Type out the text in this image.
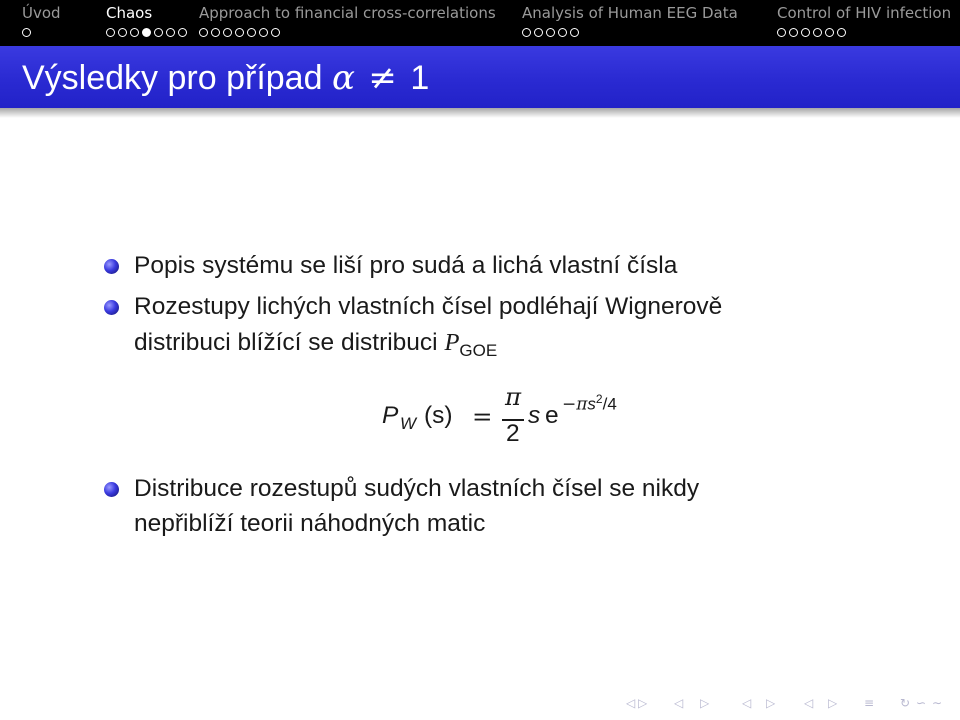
Úvod	Chaos	Approach to financial cross-correlations Analysis of Human EEG Data	Control of HIV infection
Výsledky pro případ α ≠ 1
Popis systému se liší pro sudá a lichá vlastní čísla
Rozestupy lichých vlastních čísel podléhají Wignerově
distribuci blížící se distribuci $P_{GOE}$
P $_W$ (s) =
π
2
s $e -\pi s^2/4$
Distribuce rozestupů sudých vlastních čísel se nikdy
nepřiblíží teorii náhodných matic
◁ ▷ ◁ ▷	◁ ▷ ◁ ▷ ≡ ↻ ∽ ∼
